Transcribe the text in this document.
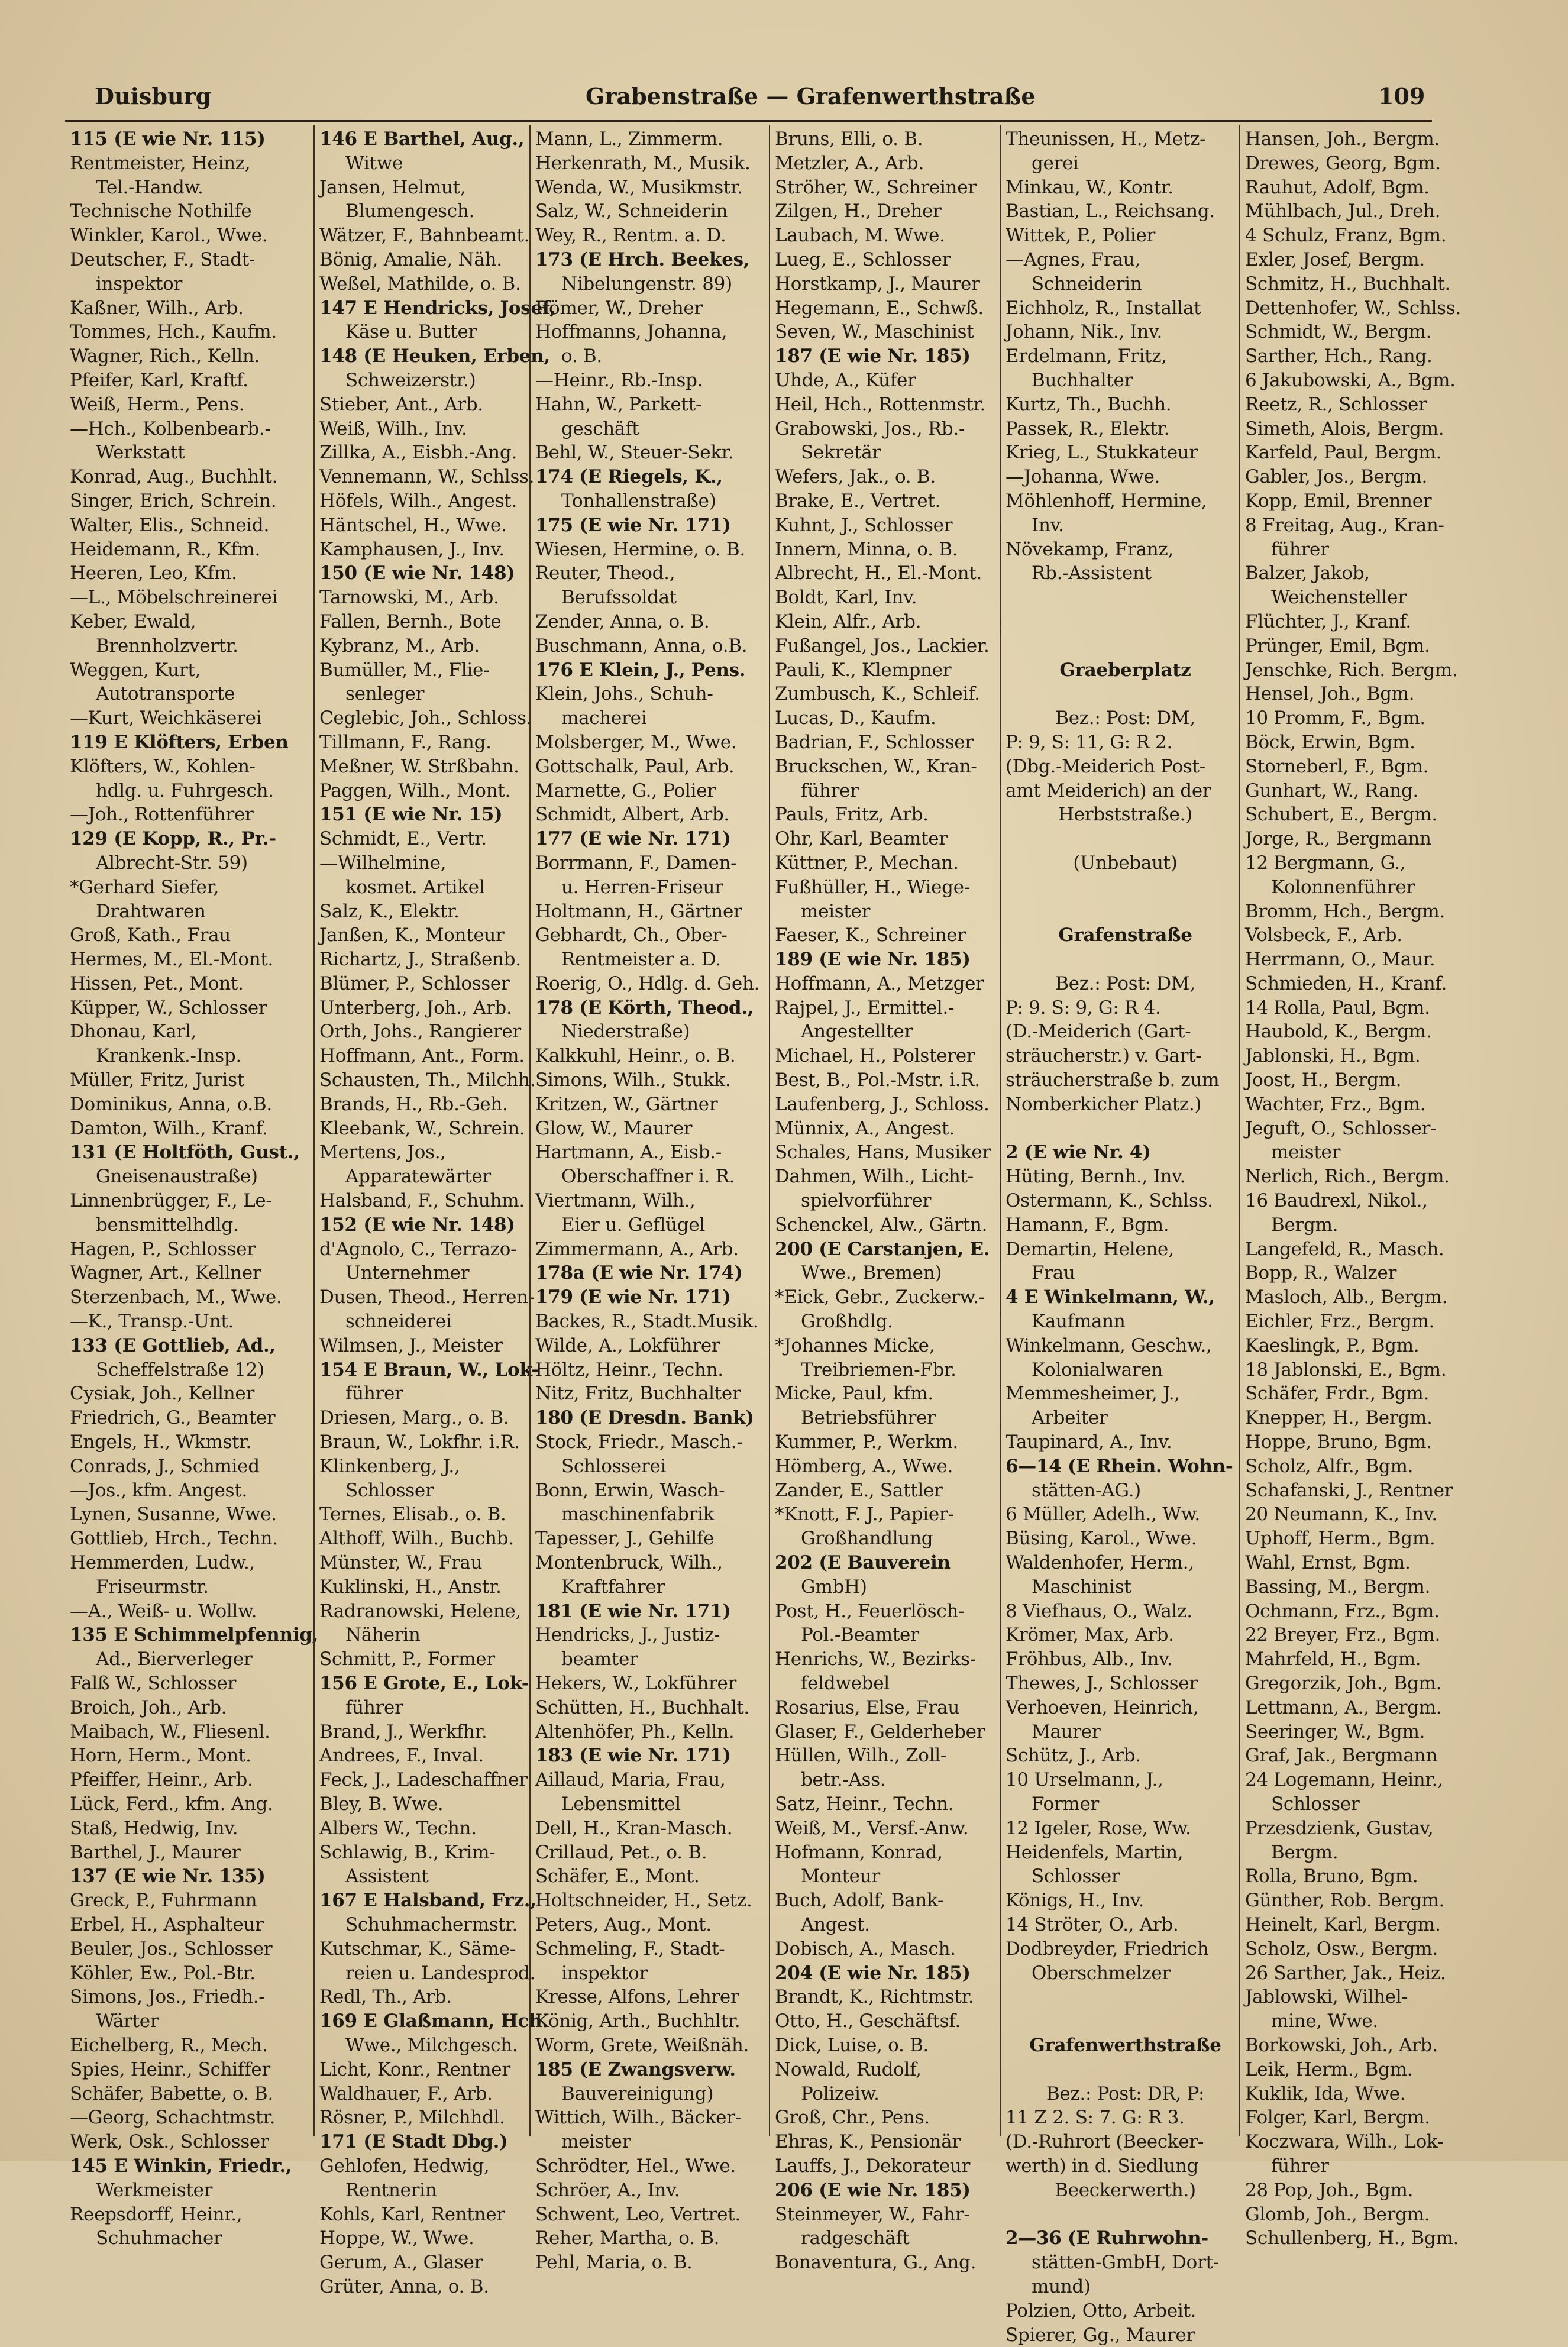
Duisburg	Grabenstraße — Grafenwerthstraße	109
115 (E wie Nr. 115)
Rentmeister, Heinz,
Tel.-Handw.
Technische Nothilfe
Winkler, Karol., Wwe.
Deutscher, F., Stadt-
inspektor
Kaßner, Wilh., Arb.
Tommes, Hch., Kaufm.
Wagner, Rich., Kelln.
Pfeifer, Karl, Kraftf.
Weiß, Herm., Pens.
—Hch., Kolbenbearb.-
Werkstatt
Konrad, Aug., Buchhlt.
Singer, Erich, Schrein.
Walter, Elis., Schneid.
Heidemann, R., Kfm.
Heeren, Leo, Kfm.
—L., Möbelschreinerei
Keber, Ewald,
Brennholzvertr.
Weggen, Kurt,
Autotransporte
—Kurt, Weichkäserei
119 E Klöfters, Erben
Klöfters, W., Kohlen-
hdlg. u. Fuhrgesch.
—Joh., Rottenführer
129 (E Kopp, R., Pr.-
Albrecht-Str. 59)
*Gerhard Siefer,
Drahtwaren
Groß, Kath., Frau
Hermes, M., El.-Mont.
Hissen, Pet., Mont.
Küpper, W., Schlosser
Dhonau, Karl,
Krankenk.-Insp.
Müller, Fritz, Jurist
Dominikus, Anna, o.B.
Damton, Wilh., Kranf.
131 (E Holtföth, Gust.,
Gneisenaustraße)
Linnenbrügger, F., Le-
bensmittelhdlg.
Hagen, P., Schlosser
Wagner, Art., Kellner
Sterzenbach, M., Wwe.
—K., Transp.-Unt.
133 (E Gottlieb, Ad.,
Scheffelstraße 12)
Cysiak, Joh., Kellner
Friedrich, G., Beamter
Engels, H., Wkmstr.
Conrads, J., Schmied
—Jos., kfm. Angest.
Lynen, Susanne, Wwe.
Gottlieb, Hrch., Techn.
Hemmerden, Ludw.,
Friseurmstr.
—A., Weiß- u. Wollw.
135 E Schimmelpfennig,
Ad., Bierverleger
Falß W., Schlosser
Broich, Joh., Arb.
Maibach, W., Fliesenl.
Horn, Herm., Mont.
Pfeiffer, Heinr., Arb.
Lück, Ferd., kfm. Ang.
Staß, Hedwig, Inv.
Barthel, J., Maurer
137 (E wie Nr. 135)
Greck, P., Fuhrmann
Erbel, H., Asphalteur
Beuler, Jos., Schlosser
Köhler, Ew., Pol.-Btr.
Simons, Jos., Friedh.-
Wärter
Eichelberg, R., Mech.
Spies, Heinr., Schiffer
Schäfer, Babette, o. B.
—Georg, Schachtmstr.
Werk, Osk., Schlosser
145 E Winkin, Friedr.,
Werkmeister
Reepsdorff, Heinr.,
Schuhmacher
146 E Barthel, Aug.,
Witwe
Jansen, Helmut,
Blumengesch.
Wätzer, F., Bahnbeamt.
Bönig, Amalie, Näh.
Weßel, Mathilde, o. B.
147 E Hendricks, Josef,
Käse u. Butter
148 (E Heuken, Erben,
Schweizerstr.)
Stieber, Ant., Arb.
Weiß, Wilh., Inv.
Zillka, A., Eisbh.-Ang.
Vennemann, W., Schlss.
Höfels, Wilh., Angest.
Häntschel, H., Wwe.
Kamphausen, J., Inv.
150 (E wie Nr. 148)
Tarnowski, M., Arb.
Fallen, Bernh., Bote
Kybranz, M., Arb.
Bumüller, M., Flie-
senleger
Ceglebic, Joh., Schloss.
Tillmann, F., Rang.
Meßner, W. Strßbahn.
Paggen, Wilh., Mont.
151 (E wie Nr. 15)
Schmidt, E., Vertr.
—Wilhelmine,
kosmet. Artikel
Salz, K., Elektr.
Janßen, K., Monteur
Richartz, J., Straßenb.
Blümer, P., Schlosser
Unterberg, Joh., Arb.
Orth, Johs., Rangierer
Hoffmann, Ant., Form.
Schausten, Th., Milchh.
Brands, H., Rb.-Geh.
Kleebank, W., Schrein.
Mertens, Jos.,
Apparatewärter
Halsband, F., Schuhm.
152 (E wie Nr. 148)
d'Agnolo, C., Terrazo-
Unternehmer
Dusen, Theod., Herren-
schneiderei
Wilmsen, J., Meister
154 E Braun, W., Lok-
führer
Driesen, Marg., o. B.
Braun, W., Lokfhr. i.R.
Klinkenberg, J.,
Schlosser
Ternes, Elisab., o. B.
Althoff, Wilh., Buchb.
Münster, W., Frau
Kuklinski, H., Anstr.
Radranowski, Helene,
Näherin
Schmitt, P., Former
156 E Grote, E., Lok-
führer
Brand, J., Werkfhr.
Andrees, F., Inval.
Feck, J., Ladeschaffner
Bley, B. Wwe.
Albers W., Techn.
Schlawig, B., Krim-
Assistent
167 E Halsband, Frz.,
Schuhmachermstr.
Kutschmar, K., Säme-
reien u. Landesprod.
Redl, Th., Arb.
169 E Glaßmann, Hch.
Wwe., Milchgesch.
Licht, Konr., Rentner
Waldhauer, F., Arb.
Rösner, P., Milchhdl.
171 (E Stadt Dbg.)
Gehlofen, Hedwig,
Rentnerin
Kohls, Karl, Rentner
Hoppe, W., Wwe.
Gerum, A., Glaser
Grüter, Anna, o. B.
Mann, L., Zimmerm.
Herkenrath, M., Musik.
Wenda, W., Musikmstr.
Salz, W., Schneiderin
Wey, R., Rentm. a. D.
173 (E Hrch. Beekes,
Nibelungenstr. 89)
Römer, W., Dreher
Hoffmanns, Johanna,
o. B.
—Heinr., Rb.-Insp.
Hahn, W., Parkett-
geschäft
Behl, W., Steuer-Sekr.
174 (E Riegels, K.,
Tonhallenstraße)
175 (E wie Nr. 171)
Wiesen, Hermine, o. B.
Reuter, Theod.,
Berufssoldat
Zender, Anna, o. B.
Buschmann, Anna, o.B.
176 E Klein, J., Pens.
Klein, Johs., Schuh-
macherei
Molsberger, M., Wwe.
Gottschalk, Paul, Arb.
Marnette, G., Polier
Schmidt, Albert, Arb.
177 (E wie Nr. 171)
Borrmann, F., Damen-
u. Herren-Friseur
Holtmann, H., Gärtner
Gebhardt, Ch., Ober-
Rentmeister a. D.
Roerig, O., Hdlg. d. Geh.
178 (E Körth, Theod.,
Niederstraße)
Kalkkuhl, Heinr., o. B.
Simons, Wilh., Stukk.
Kritzen, W., Gärtner
Glow, W., Maurer
Hartmann, A., Eisb.-
Oberschaffner i. R.
Viertmann, Wilh.,
Eier u. Geflügel
Zimmermann, A., Arb.
178a (E wie Nr. 174)
179 (E wie Nr. 171)
Backes, R., Stadt.Musik.
Wilde, A., Lokführer
Höltz, Heinr., Techn.
Nitz, Fritz, Buchhalter
180 (E Dresdn. Bank)
Stock, Friedr., Masch.-
Schlosserei
Bonn, Erwin, Wasch-
maschinenfabrik
Tapesser, J., Gehilfe
Montenbruck, Wilh.,
Kraftfahrer
181 (E wie Nr. 171)
Hendricks, J., Justiz-
beamter
Hekers, W., Lokführer
Schütten, H., Buchhalt.
Altenhöfer, Ph., Kelln.
183 (E wie Nr. 171)
Aillaud, Maria, Frau,
Lebensmittel
Dell, H., Kran-Masch.
Crillaud, Pet., o. B.
Schäfer, E., Mont.
Holtschneider, H., Setz.
Peters, Aug., Mont.
Schmeling, F., Stadt-
inspektor
Kresse, Alfons, Lehrer
König, Arth., Buchhltr.
Worm, Grete, Weißnäh.
185 (E Zwangsverw.
Bauvereinigung)
Wittich, Wilh., Bäcker-
meister
Schrödter, Hel., Wwe.
Schröer, A., Inv.
Schwent, Leo, Vertret.
Reher, Martha, o. B.
Pehl, Maria, o. B.
Bruns, Elli, o. B.
Metzler, A., Arb.
Ströher, W., Schreiner
Zilgen, H., Dreher
Laubach, M. Wwe.
Lueg, E., Schlosser
Horstkamp, J., Maurer
Hegemann, E., Schwß.
Seven, W., Maschinist
187 (E wie Nr. 185)
Uhde, A., Küfer
Heil, Hch., Rottenmstr.
Grabowski, Jos., Rb.-
Sekretär
Wefers, Jak., o. B.
Brake, E., Vertret.
Kuhnt, J., Schlosser
Innern, Minna, o. B.
Albrecht, H., El.-Mont.
Boldt, Karl, Inv.
Klein, Alfr., Arb.
Fußangel, Jos., Lackier.
Pauli, K., Klempner
Zumbusch, K., Schleif.
Lucas, D., Kaufm.
Badrian, F., Schlosser
Bruckschen, W., Kran-
führer
Pauls, Fritz, Arb.
Ohr, Karl, Beamter
Küttner, P., Mechan.
Fußhüller, H., Wiege-
meister
Faeser, K., Schreiner
189 (E wie Nr. 185)
Hoffmann, A., Metzger
Rajpel, J., Ermittel.-
Angestellter
Michael, H., Polsterer
Best, B., Pol.-Mstr. i.R.
Laufenberg, J., Schloss.
Münnix, A., Angest.
Schales, Hans, Musiker
Dahmen, Wilh., Licht-
spielvorführer
Schenckel, Alw., Gärtn.
200 (E Carstanjen, E.
Wwe., Bremen)
*Eick, Gebr., Zuckerw.-
Großhdlg.
*Johannes Micke,
Treibriemen-Fbr.
Micke, Paul, kfm.
Betriebsführer
Kummer, P., Werkm.
Hömberg, A., Wwe.
Zander, E., Sattler
*Knott, F. J., Papier-
Großhandlung
202 (E Bauverein
GmbH)
Post, H., Feuerlösch-
Pol.-Beamter
Henrichs, W., Bezirks-
feldwebel
Rosarius, Else, Frau
Glaser, F., Gelderheber
Hüllen, Wilh., Zoll-
betr.-Ass.
Satz, Heinr., Techn.
Weiß, M., Versf.-Anw.
Hofmann, Konrad,
Monteur
Buch, Adolf, Bank-
Angest.
Dobisch, A., Masch.
204 (E wie Nr. 185)
Brandt, K., Richtmstr.
Otto, H., Geschäftsf.
Dick, Luise, o. B.
Nowald, Rudolf,
Polizeiw.
Groß, Chr., Pens.
Ehras, K., Pensionär
Lauffs, J., Dekorateur
206 (E wie Nr. 185)
Steinmeyer, W., Fahr-
radgeschäft
Bonaventura, G., Ang.
Theunissen, H., Metz-
gerei
Minkau, W., Kontr.
Bastian, L., Reichsang.
Wittek, P., Polier
—Agnes, Frau,
Schneiderin
Eichholz, R., Installat
Johann, Nik., Inv.
Erdelmann, Fritz,
Buchhalter
Kurtz, Th., Buchh.
Passek, R., Elektr.
Krieg, L., Stukkateur
—Johanna, Wwe.
Möhlenhoff, Hermine,
Inv.
Növekamp, Franz,
Rb.-Assistent
Graeberplatz
Bez.: Post: DM,
P: 9, S: 11, G: R 2.
(Dbg.-Meiderich Post-
amt Meiderich) an der
Herbststraße.)
(Unbebaut)
Grafenstraße
Bez.: Post: DM,
P: 9. S: 9, G: R 4.
(D.-Meiderich (Gart-
sträucherstr.) v. Gart-
sträucherstraße b. zum
Nomberkicher Platz.)
2 (E wie Nr. 4)
Hüting, Bernh., Inv.
Ostermann, K., Schlss.
Hamann, F., Bgm.
Demartin, Helene,
Frau
4 E Winkelmann, W.,
Kaufmann
Winkelmann, Geschw.,
Kolonialwaren
Memmesheimer, J.,
Arbeiter
Taupinard, A., Inv.
6—14 (E Rhein. Wohn-
stätten-AG.)
6 Müller, Adelh., Ww.
Büsing, Karol., Wwe.
Waldenhofer, Herm.,
Maschinist
8 Viefhaus, O., Walz.
Krömer, Max, Arb.
Fröhbus, Alb., Inv.
Thewes, J., Schlosser
Verhoeven, Heinrich,
Maurer
Schütz, J., Arb.
10 Urselmann, J.,
Former
12 Igeler, Rose, Ww.
Heidenfels, Martin,
Schlosser
Königs, H., Inv.
14 Ströter, O., Arb.
Dodbreyder, Friedrich
Oberschmelzer
Grafenwerthstraße
Bez.: Post: DR, P:
11 Z 2. S: 7. G: R 3.
(D.-Ruhrort (Beecker-
werth) in d. Siedlung
Beeckerwerth.)
2—36 (E Ruhrwohn-
stätten-GmbH, Dort-
mund)
Polzien, Otto, Arbeit.
Spierer, Gg., Maurer
Hansen, Joh., Bergm.
Drewes, Georg, Bgm.
Rauhut, Adolf, Bgm.
Mühlbach, Jul., Dreh.
4 Schulz, Franz, Bgm.
Exler, Josef, Bergm.
Schmitz, H., Buchhalt.
Dettenhofer, W., Schlss.
Schmidt, W., Bergm.
Sarther, Hch., Rang.
6 Jakubowski, A., Bgm.
Reetz, R., Schlosser
Simeth, Alois, Bergm.
Karfeld, Paul, Bergm.
Gabler, Jos., Bergm.
Kopp, Emil, Brenner
8 Freitag, Aug., Kran-
führer
Balzer, Jakob,
Weichensteller
Flüchter, J., Kranf.
Prünger, Emil, Bgm.
Jenschke, Rich. Bergm.
Hensel, Joh., Bgm.
10 Promm, F., Bgm.
Böck, Erwin, Bgm.
Storneberl, F., Bgm.
Gunhart, W., Rang.
Schubert, E., Bergm.
Jorge, R., Bergmann
12 Bergmann, G.,
Kolonnenführer
Bromm, Hch., Bergm.
Volsbeck, F., Arb.
Herrmann, O., Maur.
Schmieden, H., Kranf.
14 Rolla, Paul, Bgm.
Haubold, K., Bergm.
Jablonski, H., Bgm.
Joost, H., Bergm.
Wachter, Frz., Bgm.
Jeguft, O., Schlosser-
meister
Nerlich, Rich., Bergm.
16 Baudrexl, Nikol.,
Bergm.
Langefeld, R., Masch.
Bopp, R., Walzer
Masloch, Alb., Bergm.
Eichler, Frz., Bergm.
Kaeslingk, P., Bgm.
18 Jablonski, E., Bgm.
Schäfer, Frdr., Bgm.
Knepper, H., Bergm.
Hoppe, Bruno, Bgm.
Scholz, Alfr., Bgm.
Schafanski, J., Rentner
20 Neumann, K., Inv.
Uphoff, Herm., Bgm.
Wahl, Ernst, Bgm.
Bassing, M., Bergm.
Ochmann, Frz., Bgm.
22 Breyer, Frz., Bgm.
Mahrfeld, H., Bgm.
Gregorzik, Joh., Bgm.
Lettmann, A., Bergm.
Seeringer, W., Bgm.
Graf, Jak., Bergmann
24 Logemann, Heinr.,
Schlosser
Przesdzienk, Gustav,
Bergm.
Rolla, Bruno, Bgm.
Günther, Rob. Bergm.
Heinelt, Karl, Bergm.
Scholz, Osw., Bergm.
26 Sarther, Jak., Heiz.
Jablowski, Wilhel-
mine, Wwe.
Borkowski, Joh., Arb.
Leik, Herm., Bgm.
Kuklik, Ida, Wwe.
Folger, Karl, Bergm.
Koczwara, Wilh., Lok-
führer
28 Pop, Joh., Bgm.
Glomb, Joh., Bergm.
Schullenberg, H., Bgm.
